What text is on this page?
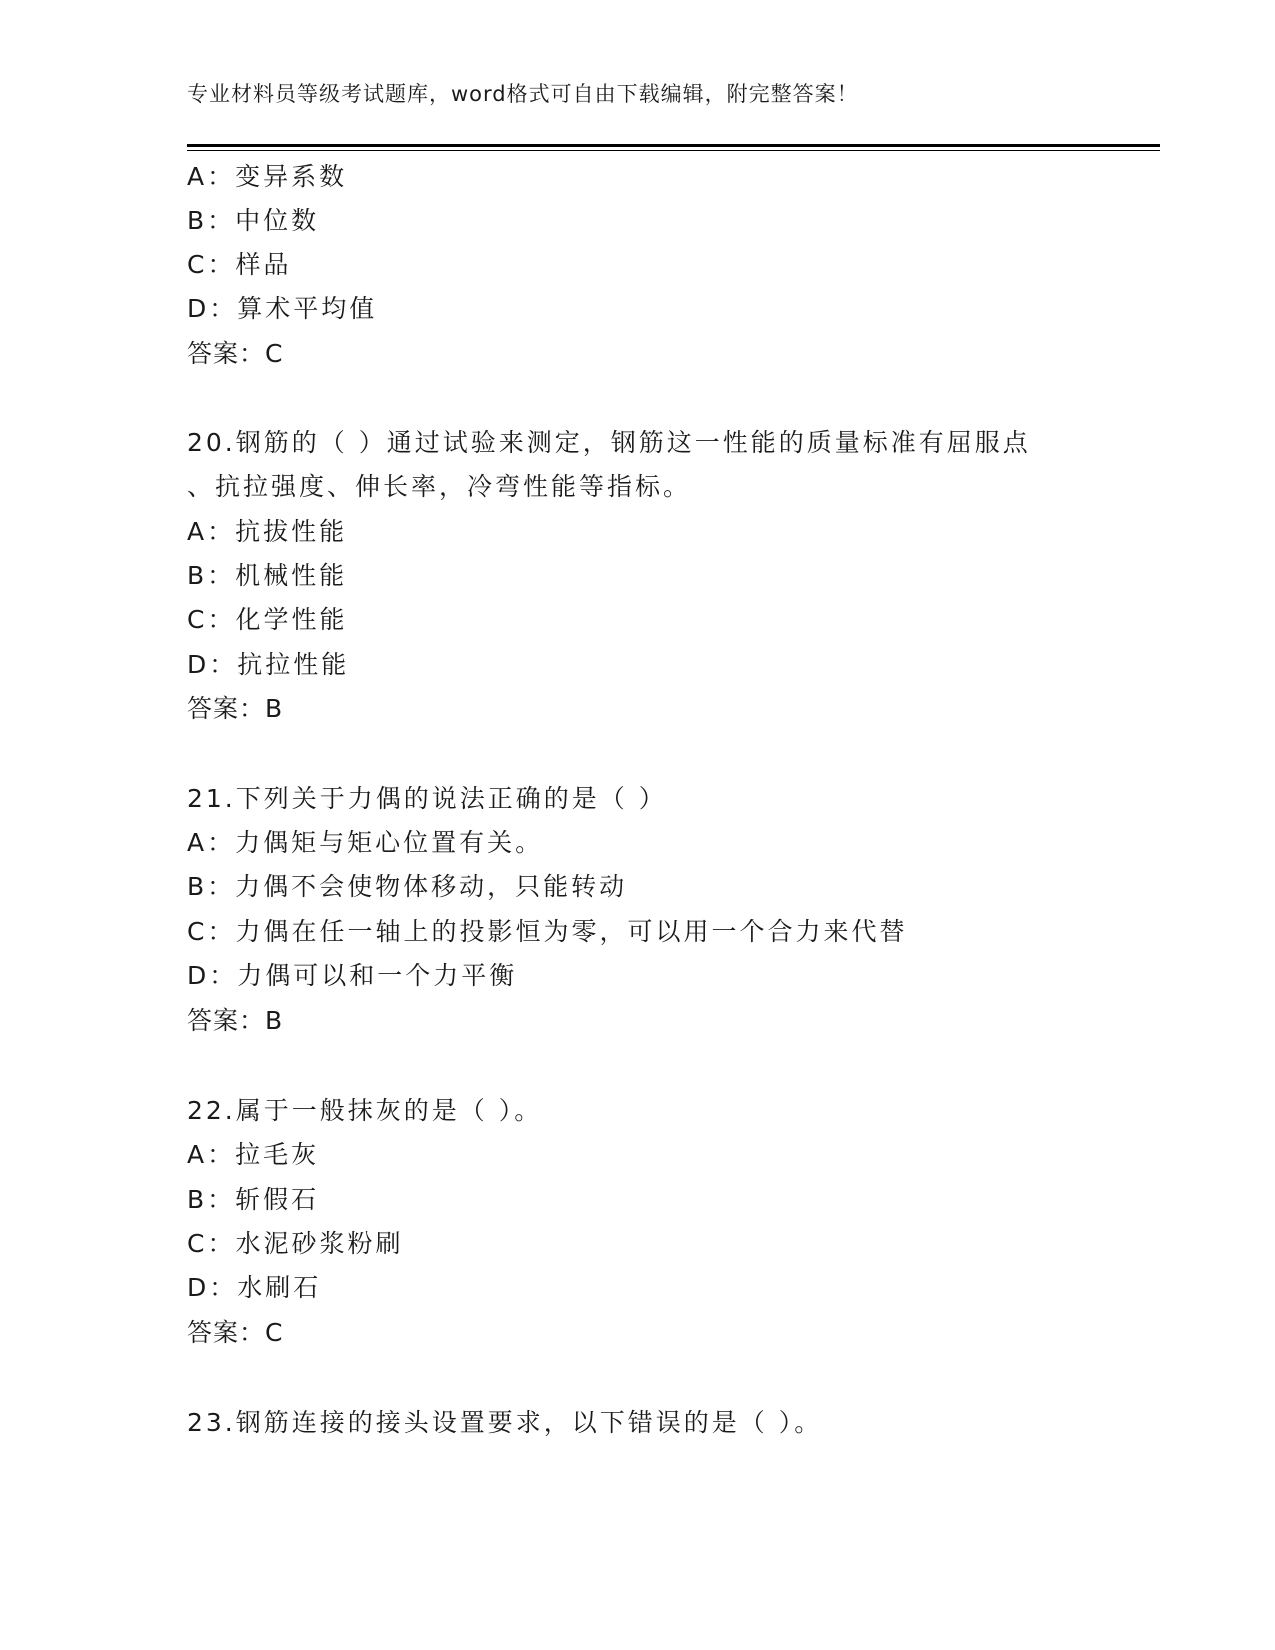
专业材料员等级考试题库，word格式可自由下载编辑，附完整答案！
A：变异系数
B：中位数
C：样品
D：算术平均值
答案：C
20.钢筋的（ ）通过试验来测定，钢筋这一性能的质量标准有屈服点
、抗拉强度、伸长率，冷弯性能等指标。
A：抗拔性能
B：机械性能
C：化学性能
D：抗拉性能
答案：B
21.下列关于力偶的说法正确的是（ ）
A：力偶矩与矩心位置有关。
B：力偶不会使物体移动，只能转动
C：力偶在任一轴上的投影恒为零，可以用一个合力来代替
D：力偶可以和一个力平衡
答案：B
22.属于一般抹灰的是（ ）。
A：拉毛灰
B：斩假石
C：水泥砂浆粉刷
D：水刷石
答案：C
23.钢筋连接的接头设置要求，以下错误的是（ ）。
